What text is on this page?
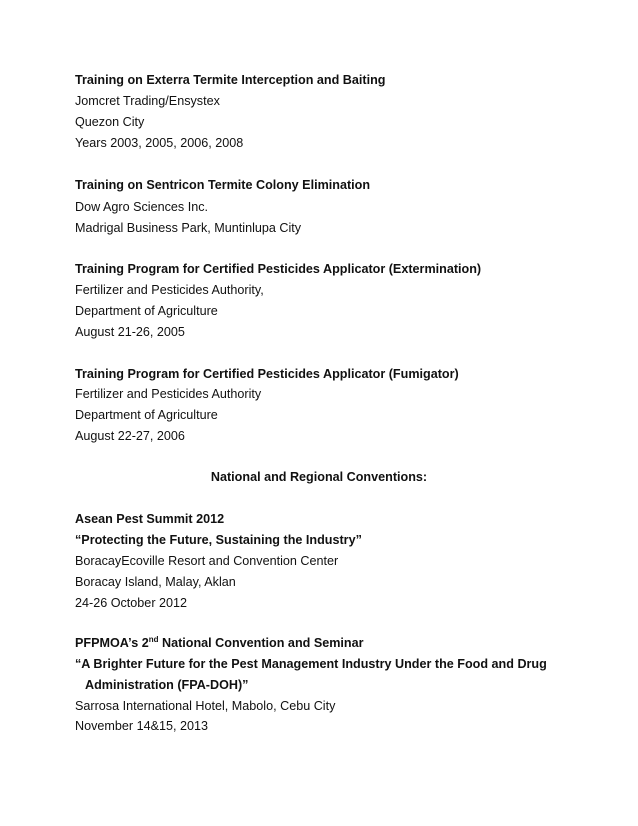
Training on Exterra Termite Interception and Baiting
Jomcret Trading/Ensystex
Quezon City
Years 2003, 2005, 2006, 2008
Training on Sentricon Termite Colony Elimination
Dow Agro Sciences Inc.
Madrigal Business Park, Muntinlupa City
Training Program for Certified Pesticides Applicator (Extermination)
Fertilizer and Pesticides Authority,
Department of Agriculture
August 21-26, 2005
Training Program for Certified Pesticides Applicator (Fumigator)
Fertilizer and Pesticides Authority
Department of Agriculture
August 22-27, 2006
National and Regional Conventions:
Asean Pest Summit 2012
“Protecting the Future, Sustaining the Industry”
BoracayEcoville Resort and Convention Center
Boracay Island, Malay, Aklan
24-26 October 2012
PFPMOA’s 2nd National Convention and Seminar
“A Brighter Future for the Pest Management Industry Under the Food and Drug
Administration (FPA-DOH)”
Sarrosa International Hotel, Mabolo, Cebu City
November 14&15, 2013
